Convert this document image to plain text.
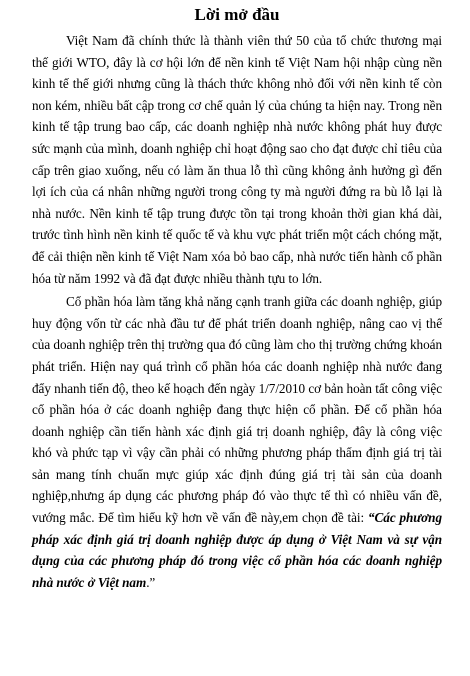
Lời mở đầu

Việt Nam đã chính thức là thành viên thứ 50 của tổ chức thương mại thế giới WTO, đây là cơ hội lớn để nền kinh tế Việt Nam hội nhập cùng nền kinh tế thế giới nhưng cũng là thách thức không nhỏ đối với nền kinh tế còn non kém, nhiều bất cập trong cơ chế quản lý của chúng ta hiện nay. Trong nền kinh tế tập trung bao cấp, các doanh nghiệp nhà nước không phát huy được sức mạnh của mình, doanh nghiệp chỉ hoạt động sao cho đạt được chỉ tiêu của cấp trên giao xuống, nếu có làm ăn thua lỗ thì cũng không ảnh hưởng gì đến lợi ích của cá nhân những người trong công ty mà người đứng ra bù lỗ lại là nhà nước. Nền kinh tế tập trung được tồn tại trong khoản thời gian khá dài, trước tình hình nền kinh tế quốc tế và khu vực phát triển một cách chóng mặt, để cải thiện nền kinh tế Việt Nam xóa bỏ bao cấp, nhà nước tiến hành cổ phần hóa từ năm 1992 và đã đạt được nhiều thành tựu to lớn.

Cổ phần hóa làm tăng khả năng cạnh tranh giữa các doanh nghiệp, giúp huy động vốn từ các nhà đầu tư để phát triển doanh nghiệp, nâng cao vị thế của doanh nghiệp trên thị trường qua đó cũng làm cho thị trường chứng khoán phát triển. Hiện nay quá trình cổ phần hóa các doanh nghiệp nhà nước đang đẩy nhanh tiến độ, theo kế hoạch đến ngày 1/7/2010 cơ bản hoàn tất công việc cổ phần hóa ở các doanh nghiệp đang thực hiện cổ phần. Để cổ phần hóa doanh nghiệp cần tiến hành xác định giá trị doanh nghiệp, đây là công việc khó và phức tạp vì vậy cần phải có những phương pháp thẩm định giá trị tài sản mang tính chuẩn mực giúp xác định đúng giá trị tài sản của doanh nghiệp,nhưng áp dụng các phương pháp đó vào thực tế thì có nhiều vấn đề, vướng mắc. Để tìm hiểu kỹ hơn về vấn đề này,em chọn đề tài: “Các phương pháp xác định giá trị doanh nghiệp được áp dụng ở Việt Nam và sự vận dụng của các phương pháp đó trong việc cổ phần hóa các doanh nghiệp nhà nước ở Việt nam.”
